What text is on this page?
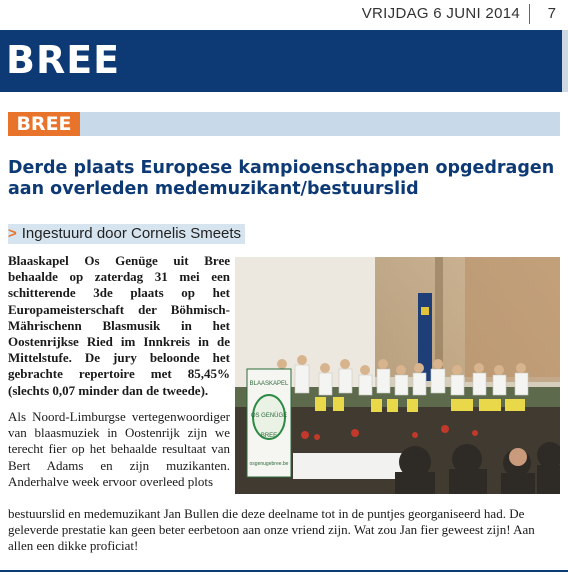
VRIJDAG 6 JUNI 2014 7
BREE
BREE
Derde plaats Europese kampioenschappen opgedragen aan overleden medemuzikant/bestuurslid
> Ingestuurd door Cornelis Smeets

Blaaskapel Os Genüge uit Bree behaalde op zaterdag 31 mei een schitterende 3de plaats op het Europameisterschaft der Böhmisch-Mährischenn Blasmusik in het Oostenrijkse Ried im Innkreis in de Mittelstufe. De jury beloonde het gebrachte repertoire met 85,45% (slechts 0,07 minder dan de tweede).

Als Noord-Limburgse vertegenwoordiger van blaasmuziek in Oostenrijk zijn we terecht fier op het behaalde resultaat van Bert Adams en zijn muzikanten. Anderhalve week ervoor overleed plots

bestuurslid en medemuzikant Jan Bullen die deze deelname tot in de puntjes georganiseerd had. De geleverde prestatie kan geen beter eerbetoon aan onze vriend zijn. Wat zou Jan fier geweest zijn! Aan allen een dikke proficiat!

BLAASKAPEL
OS GENÜGE
BREE
osgenugebree.be
